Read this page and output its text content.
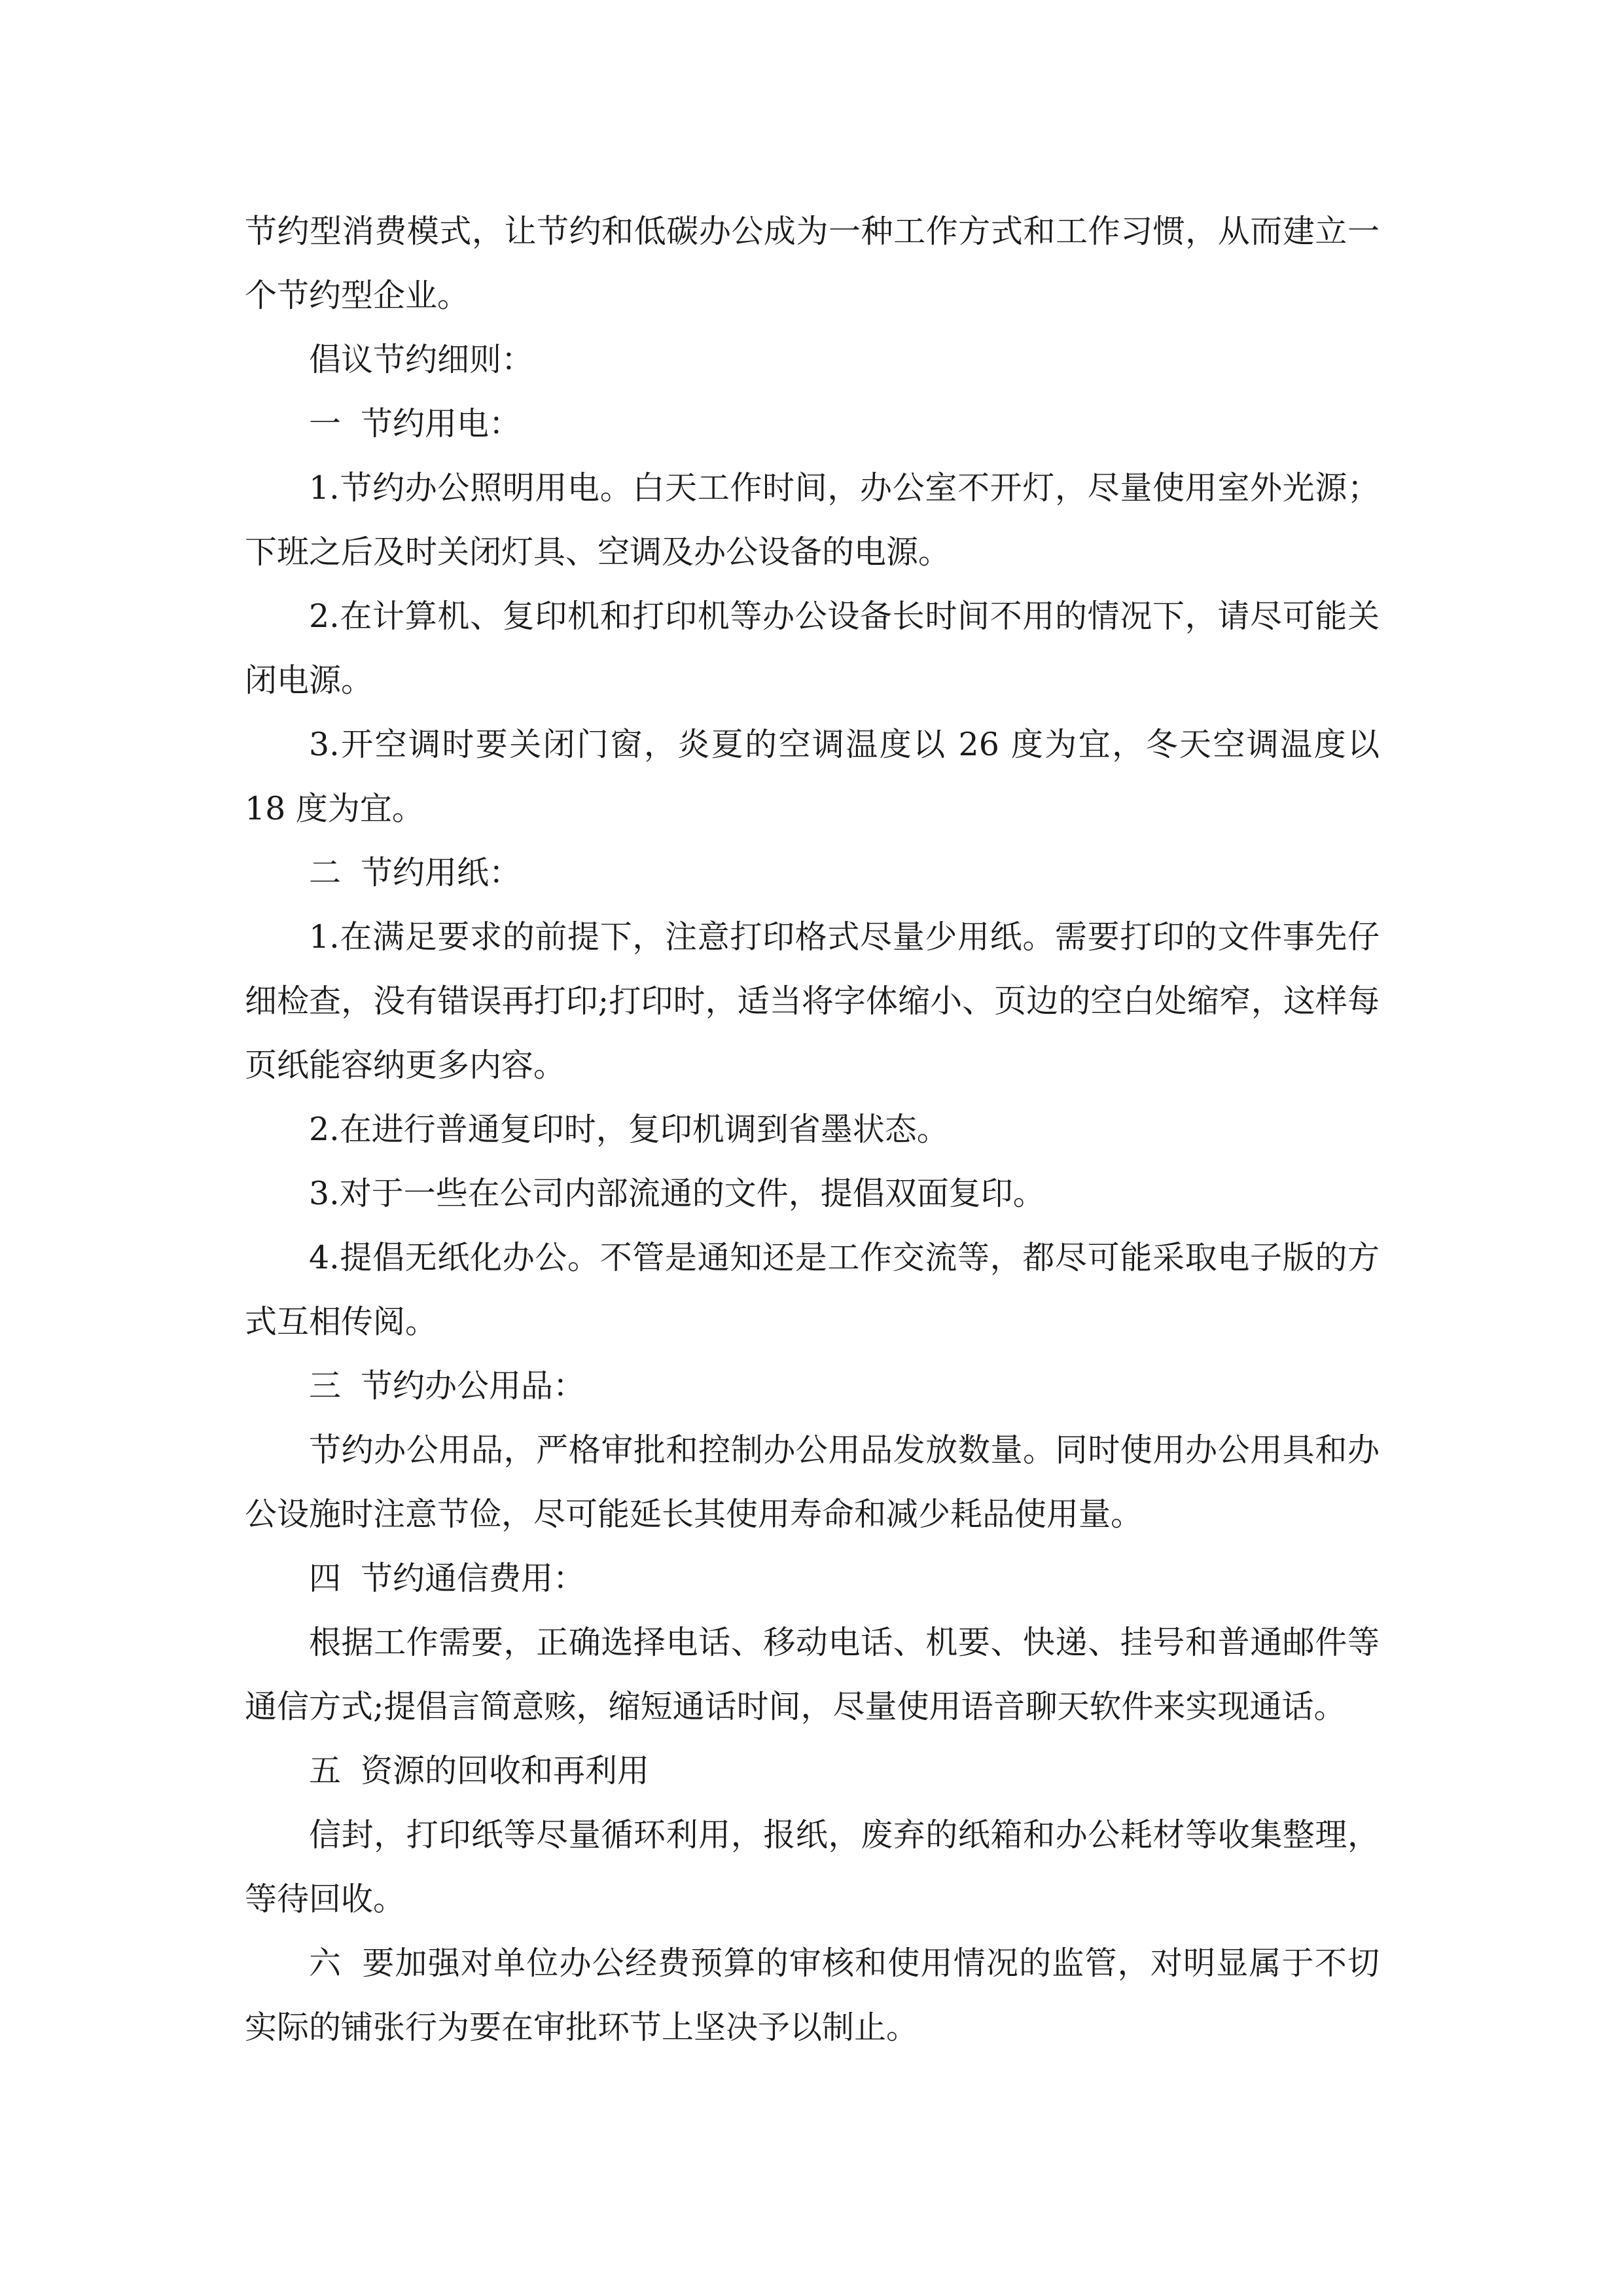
节约型消费模式，让节约和低碳办公成为一种工作方式和工作习惯，从而建立一个节约型企业。

倡议节约细则：

一 节约用电：

1.节约办公照明用电。白天工作时间，办公室不开灯，尽量使用室外光源；下班之后及时关闭灯具、空调及办公设备的电源。

2.在计算机、复印机和打印机等办公设备长时间不用的情况下，请尽可能关闭电源。

3.开空调时要关闭门窗，炎夏的空调温度以 26 度为宜，冬天空调温度以 18 度为宜。

二 节约用纸：

1.在满足要求的前提下，注意打印格式尽量少用纸。需要打印的文件事先仔细检查，没有错误再打印;打印时，适当将字体缩小、页边的空白处缩窄，这样每页纸能容纳更多内容。

2.在进行普通复印时，复印机调到省墨状态。

3.对于一些在公司内部流通的文件，提倡双面复印。

4.提倡无纸化办公。不管是通知还是工作交流等，都尽可能采取电子版的方式互相传阅。

三 节约办公用品：

节约办公用品，严格审批和控制办公用品发放数量。同时使用办公用具和办公设施时注意节俭，尽可能延长其使用寿命和减少耗品使用量。

四 节约通信费用：

根据工作需要，正确选择电话、移动电话、机要、快递、挂号和普通邮件等通信方式;提倡言简意赅，缩短通话时间，尽量使用语音聊天软件来实现通话。

五 资源的回收和再利用

信封，打印纸等尽量循环利用，报纸，废弃的纸箱和办公耗材等收集整理，等待回收。

六 要加强对单位办公经费预算的审核和使用情况的监管，对明显属于不切实际的铺张行为要在审批环节上坚决予以制止。
